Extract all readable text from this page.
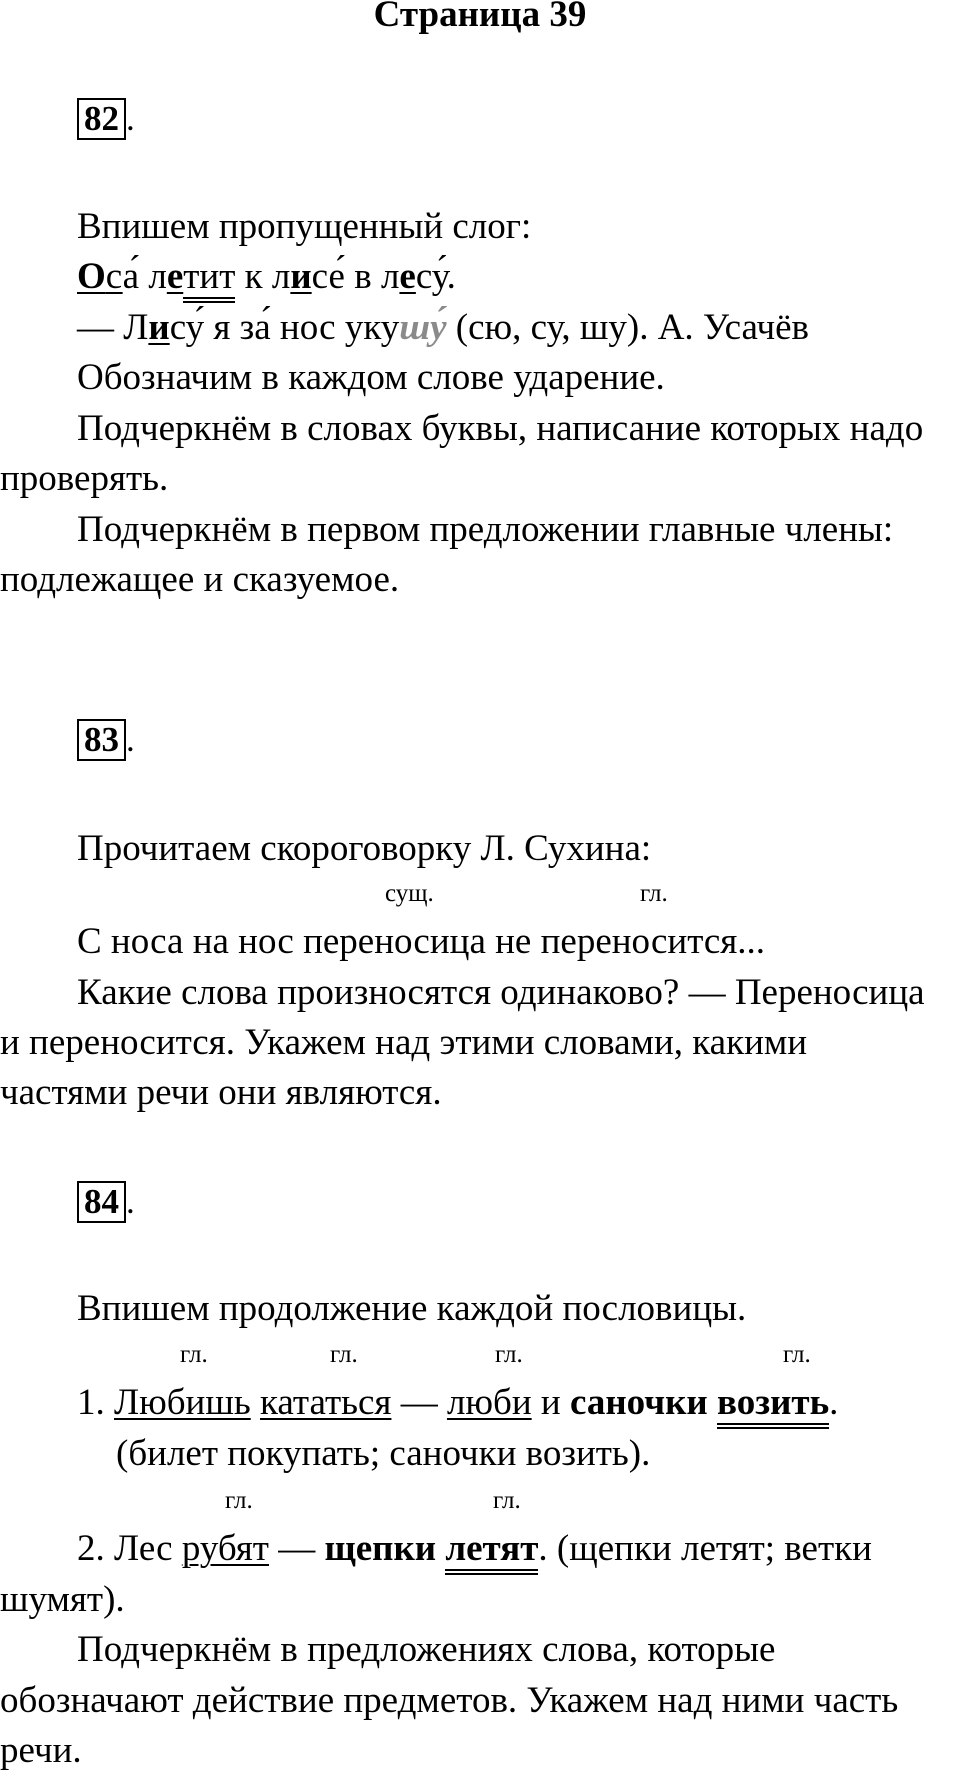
Страница 39
82 .
Впишем пропущенный слог:
Оса́ летит к лисе́ в лесу́.
— Лису́ я за́ нос укушу́ (сю, су, шу). А. Усачёв
Обозначим в каждом слове ударение.
Подчеркнём в словах буквы, написание которых надо
проверять.
Подчеркнём в первом предложении главные члены:
подлежащее и сказуемое.
83 .
Прочитаем скороговорку Л. Сухина:
сущ.	гл.
С носа на нос переносица не переносится...
Какие слова произносятся одинаково? — Переносица
и переносится. Укажем над этими словами, какими
частями речи они являются.
84 .
Впишем продолжение каждой пословицы.
гл.	гл.	гл.	гл.
1. Любишь кататься — люби и саночки возить.
(билет покупать; саночки возить).
гл.	гл.
2. Лес рубят — щепки летят. (щепки летят; ветки
шумят).
Подчеркнём в предложениях слова, которые
обозначают действие предметов. Укажем над ними часть
речи.
